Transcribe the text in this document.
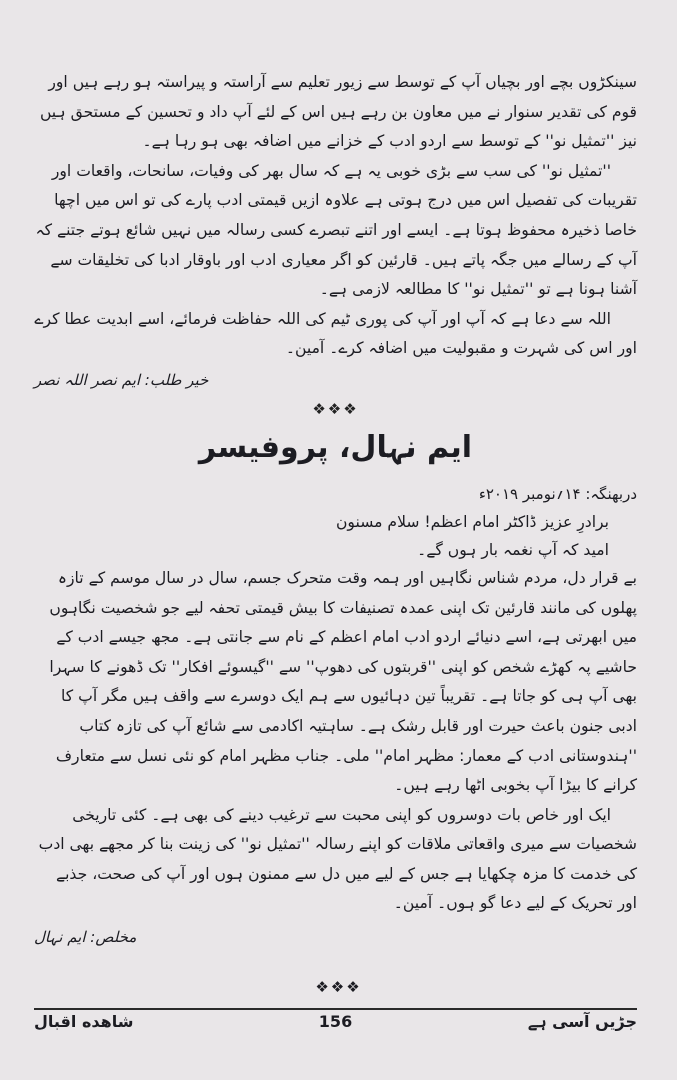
سینکڑوں بچے اور بچیاں آپ کے توسط سے زیور تعلیم سے آراستہ و پیراستہ ہو رہے ہیں اور قوم کی تقدیر سنوار نے میں معاون بن رہے ہیں اس کے لئے آپ داد و تحسین کے مستحق ہیں نیز ''تمثیل نو'' کے توسط سے اردو ادب کے خزانے میں اضافہ بھی ہو رہا ہے۔

''تمثیل نو'' کی سب سے بڑی خوبی یہ ہے کہ سال بھر کی وفیات، سانحات، واقعات اور تقریبات کی تفصیل اس میں درج ہوتی ہے علاوہ ازیں قیمتی ادب پارے کی تو اس میں اچھا خاصا ذخیرہ محفوظ ہوتا ہے۔ ایسے اور اتنے تبصرے کسی رسالہ میں نہیں شائع ہوتے جتنے کہ آپ کے رسالے میں جگہ پاتے ہیں۔ قارئین کو اگر معیاری ادب اور باوقار ادبا کی تخلیقات سے آشنا ہونا ہے تو ''تمثیل نو'' کا مطالعہ لازمی ہے۔

اللہ سے دعا ہے کہ آپ اور آپ کی پوری ٹیم کی اللہ حفاظت فرمائے، اسے ابدیت عطا کرے اور اس کی شہرت و مقبولیت میں اضافہ کرے۔ آمین۔

خیر طلب: ایم نصر اللہ نصر

❖❖❖
ایم نہال، پروفیسر

دربھنگہ: ۱۴؍نومبر ۲۰۱۹ء

برادرِ عزیز ڈاکٹر امام اعظم! سلام مسنون

امید کہ آپ نغمہ بار ہوں گے۔

بے قرار دل، مردم شناس نگاہیں اور ہمہ وقت متحرک جسم، سال در سال موسم کے تازہ پھلوں کی مانند قارئین تک اپنی عمدہ تصنیفات کا بیش قیمتی تحفہ لیے جو شخصیت نگاہوں میں ابھرتی ہے، اسے دنیائے اردو ادب امام اعظم کے نام سے جانتی ہے۔ مجھ جیسے ادب کے حاشیے پہ کھڑے شخص کو اپنی ''قربتوں کی دھوپ'' سے ''گیسوئے افکار'' تک ڈھونے کا سہرا بھی آپ ہی کو جاتا ہے۔ تقریباً تین دہائیوں سے ہم ایک دوسرے سے واقف ہیں مگر آپ کا ادبی جنون باعث حیرت اور قابل رشک ہے۔ ساہتیہ اکادمی سے شائع آپ کی تازہ کتاب ''ہندوستانی ادب کے معمار: مظہر امام'' ملی۔ جناب مظہر امام کو نئی نسل سے متعارف کرانے کا بیڑا آپ بخوبی اٹھا رہے ہیں۔

ایک اور خاص بات دوسروں کو اپنی محبت سے ترغیب دینے کی بھی ہے۔ کئی تاریخی شخصیات سے میری واقعاتی ملاقات کو اپنے رسالہ ''تمثیل نو'' کی زینت بنا کر مجھے بھی ادب کی خدمت کا مزہ چکھایا ہے جس کے لیے میں دل سے ممنون ہوں اور آپ کی صحت، جذبے اور تحریک کے لیے دعا گو ہوں۔ آمین۔

مخلص: ایم نہال

❖❖❖
شاهده اقبال	156	جڑیں آسی ہے
